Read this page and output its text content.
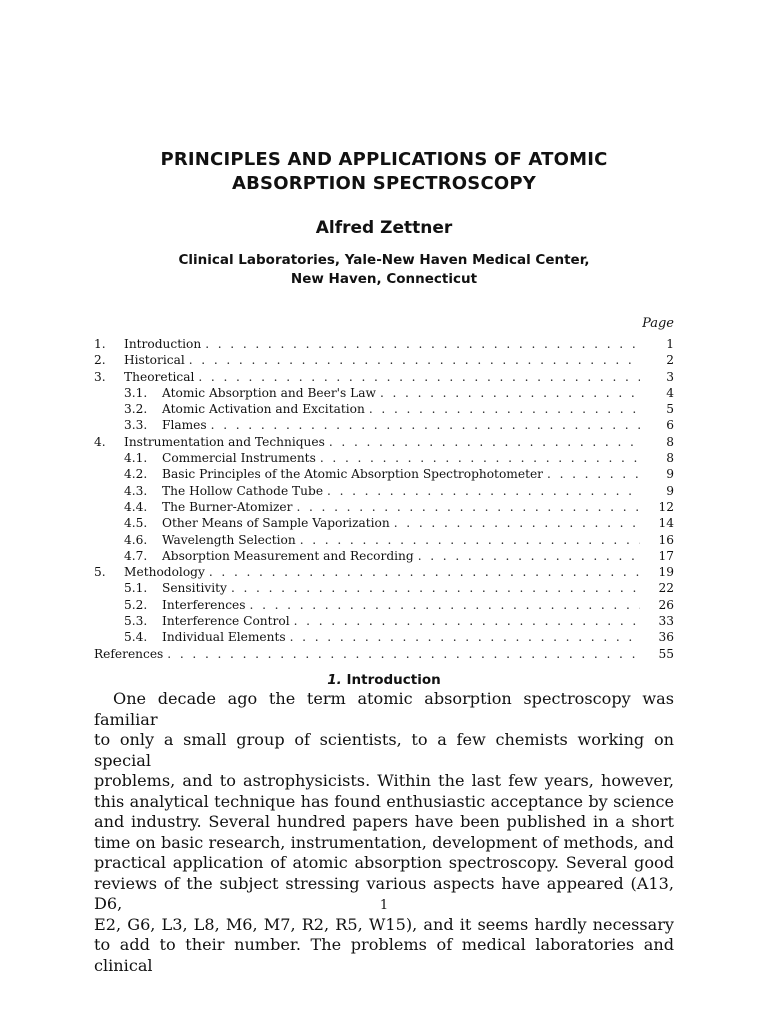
PRINCIPLES AND APPLICATIONS OF ATOMIC
ABSORPTION SPECTROSCOPY
Alfred Zettner
Clinical Laboratories, Yale-New Haven Medical Center,
New Haven, Connecticut
Page
1.	Introduction . . .	1
2.	Historical . . .	2
3.	Theoretical . . .	3
3.1.	Atomic Absorption and Beer's Law . . .	4
3.2.	Atomic Activation and Excitation . . .	5
3.3.	Flames . . .	6
4.	Instrumentation and Techniques . . .	8
4.1.	Commercial Instruments . . .	8
4.2.	Basic Principles of the Atomic Absorption Spectrophotometer . . .	9
4.3.	The Hollow Cathode Tube . . .	9
4.4.	The Burner-Atomizer . . .	12
4.5.	Other Means of Sample Vaporization . . .	14
4.6.	Wavelength Selection . . .	16
4.7.	Absorption Measurement and Recording . . .	17
5.	Methodology . . .	19
5.1.	Sensitivity . . .	22
5.2.	Interferences . . .	26
5.3.	Interference Control . . .	33
5.4.	Individual Elements . . .	36
References . . .	55
1. Introduction

One decade ago the term atomic absorption spectroscopy was familiar

to only a small group of scientists, to a few chemists working on special

problems, and to astrophysicists. Within the last few years, however,

this analytical technique has found enthusiastic acceptance by science

and industry. Several hundred papers have been published in a short

time on basic research, instrumentation, development of methods, and

practical application of atomic absorption spectroscopy. Several good

reviews of the subject stressing various aspects have appeared (A13, D6,

E2, G6, L3, L8, M6, M7, R2, R5, W15), and it seems hardly necessary

to add to their number. The problems of medical laboratories and clinical

1
